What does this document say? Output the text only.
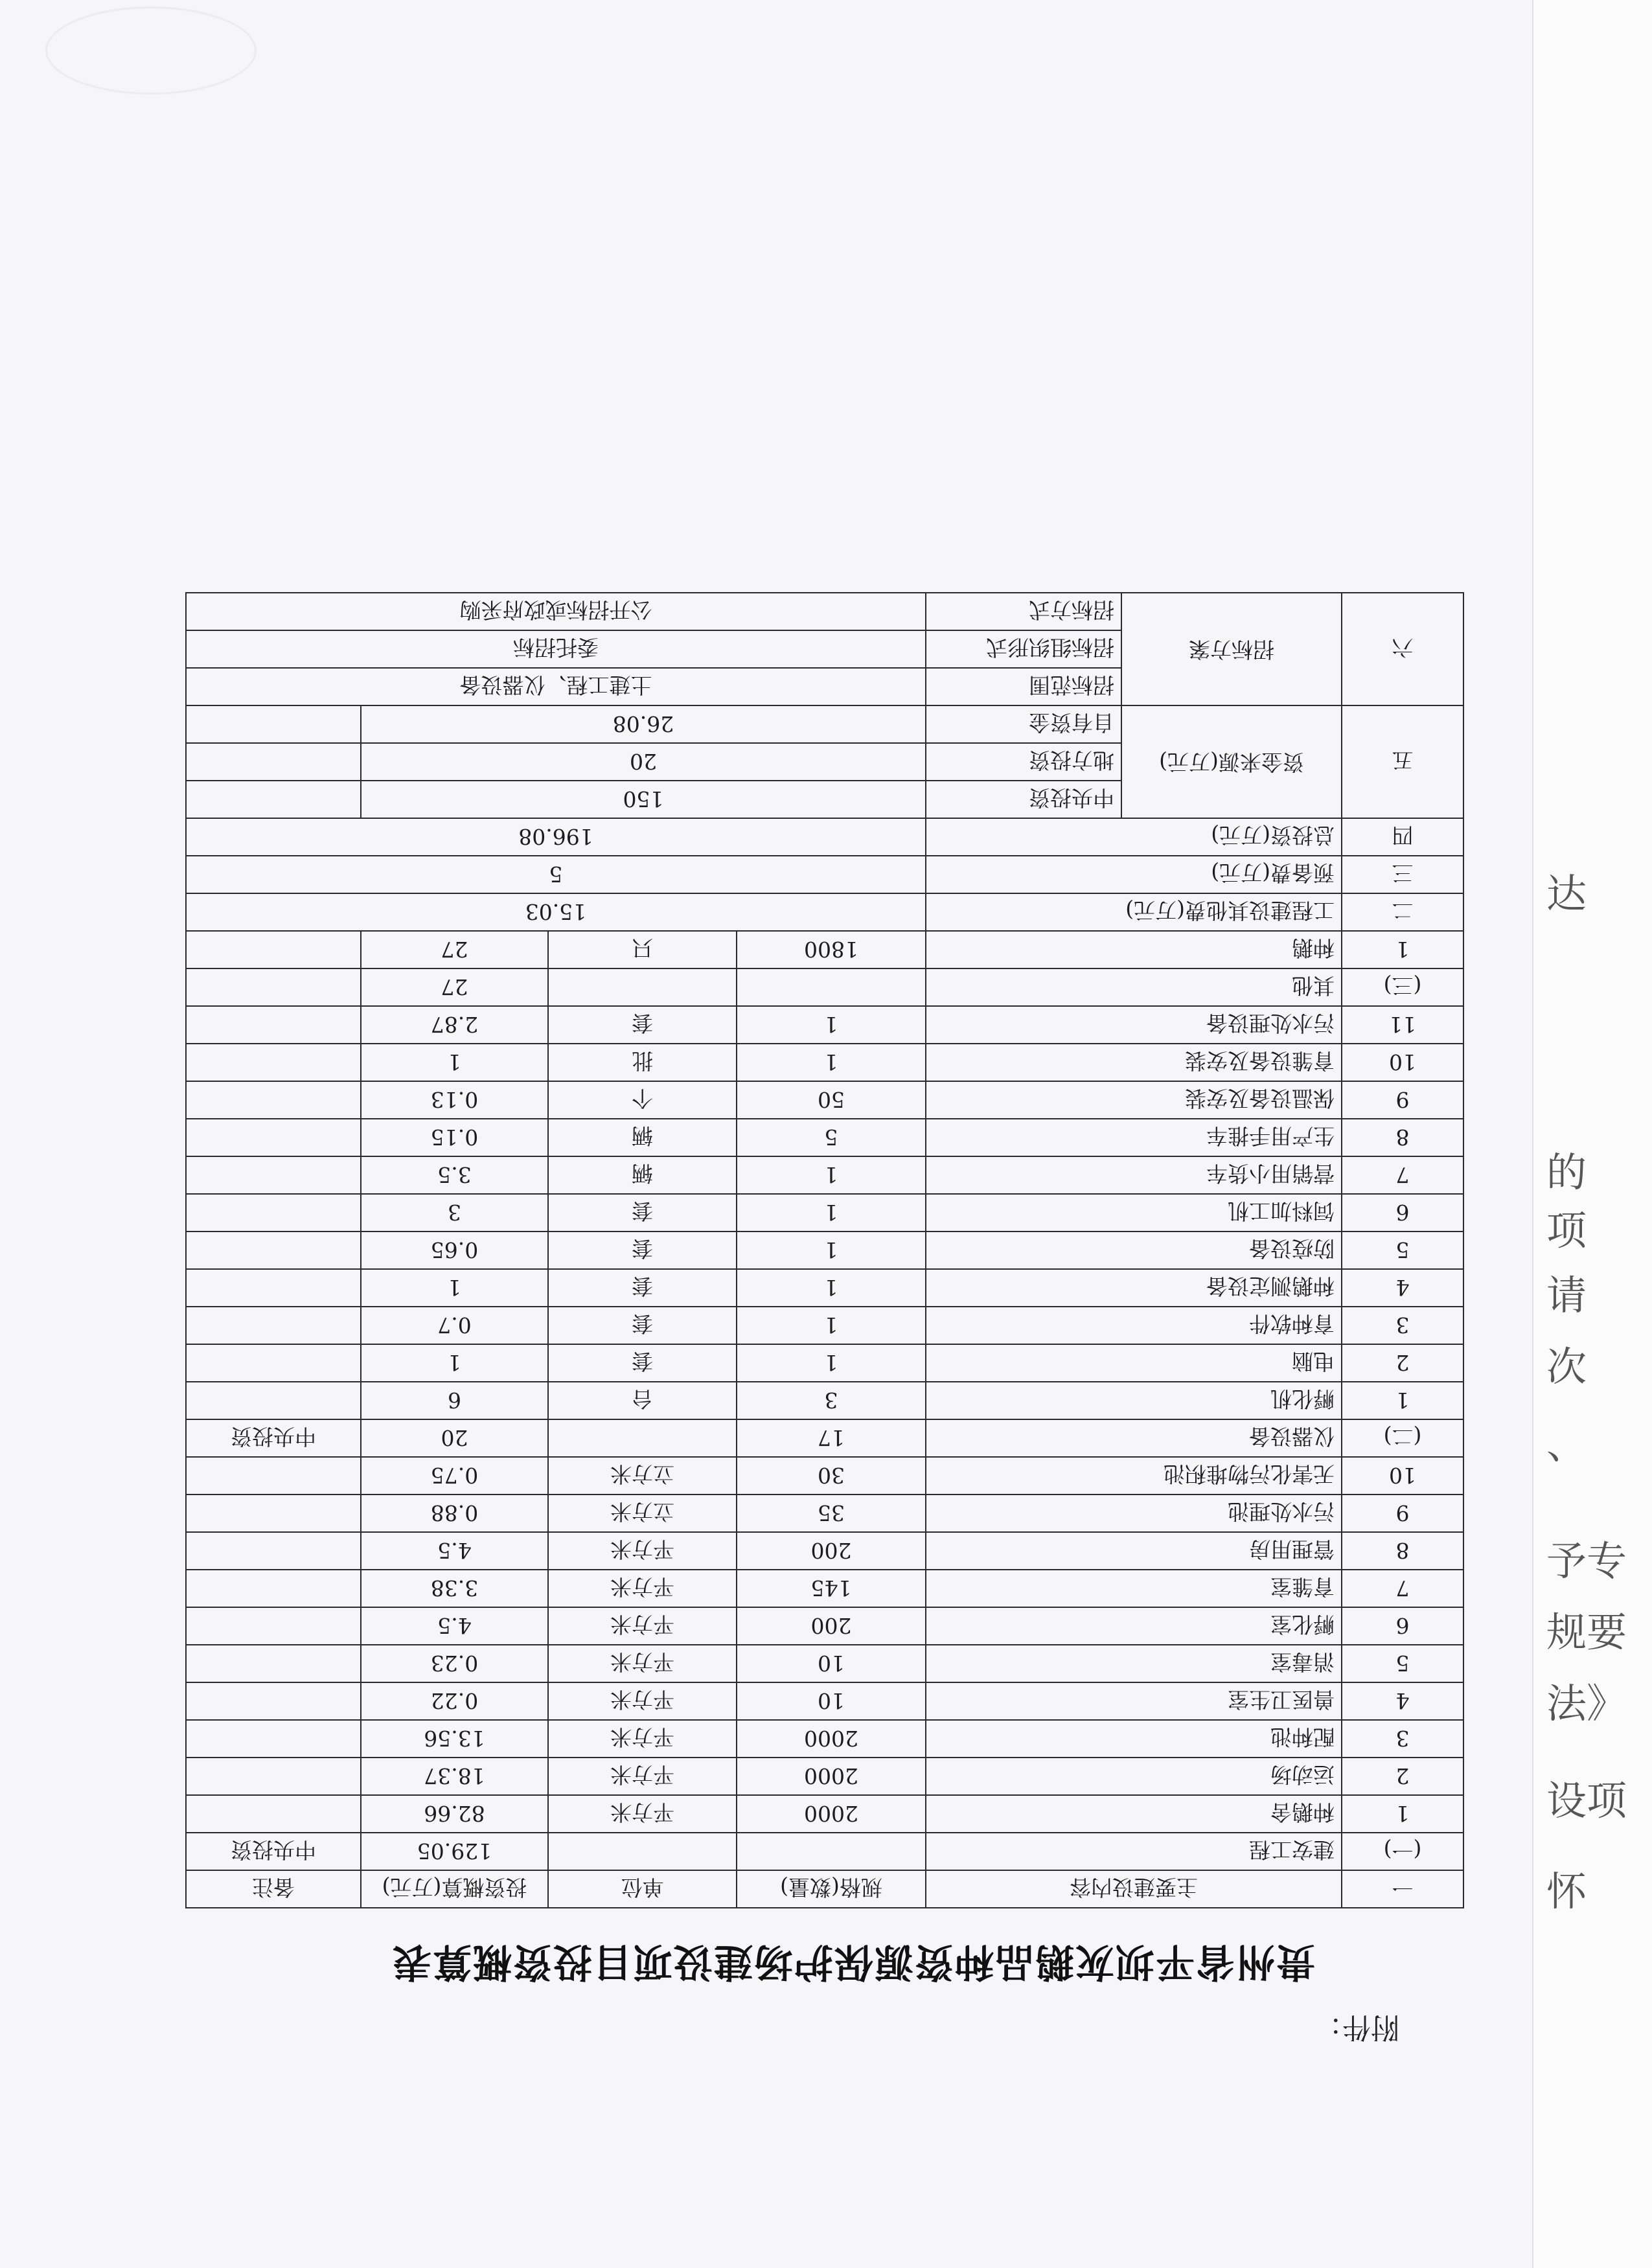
达
的
项
请
次
、
予专
规要
法》
设项
怀
附件：
贵州省平坝灰鹅品种资源保护场建设项目投资概算表
一	主要建设内容		规格(数量)	单位	投资概算(万元)	备注
(一)	建安工程				129.05	中央投资
1	种鹅舍		2000	平方米	82.66	
2	运动场		2000	平方米	18.37	
3	配种池		2000	平方米	13.56	
4	兽医卫生室		10	平方米	0.22	
5	消毒室		10	平方米	0.23	
6	孵化室		200	平方米	4.5	
7	育雏室		145	平方米	3.38	
8	管理用房		200	平方米	4.5	
9	污水处理池		35	立方米	0.88	
10	无害化污物堆积池		30	立方米	0.75	
(二)	仪器设备		17		20	中央投资
1	孵化机		3	台	6	
2	电脑		1	套	1	
3	育种软件		1	套	0.7	
4	种鹅测定设备		1	套	1	
5	防疫设备		1	套	0.65	
6	饲料加工机		1	套	3	
7	营销用小货车		1	辆	3.5	
8	生产用手推车		5	辆	0.15	
9	保温设备及安装		50	个	0.13	
10	育雏设备及安装		1	批	1	
11	污水处理设备		1	套	2.87	
(三)	其他				27	
1	种鹅		1800	只	27	
二	工程建设其他费(万元)		15.03			
三	预备费(万元)		5			
四	总投资(万元)		196.08			
五	资金来源(万元)	中央投资	150			
		地方投资	20			
		自有资金	26.08			
六	招标方案	招标范围	土建工程、仪器设备			
		招标组织形式	委托招标			
		招标方式	公开招标或政府采购			
